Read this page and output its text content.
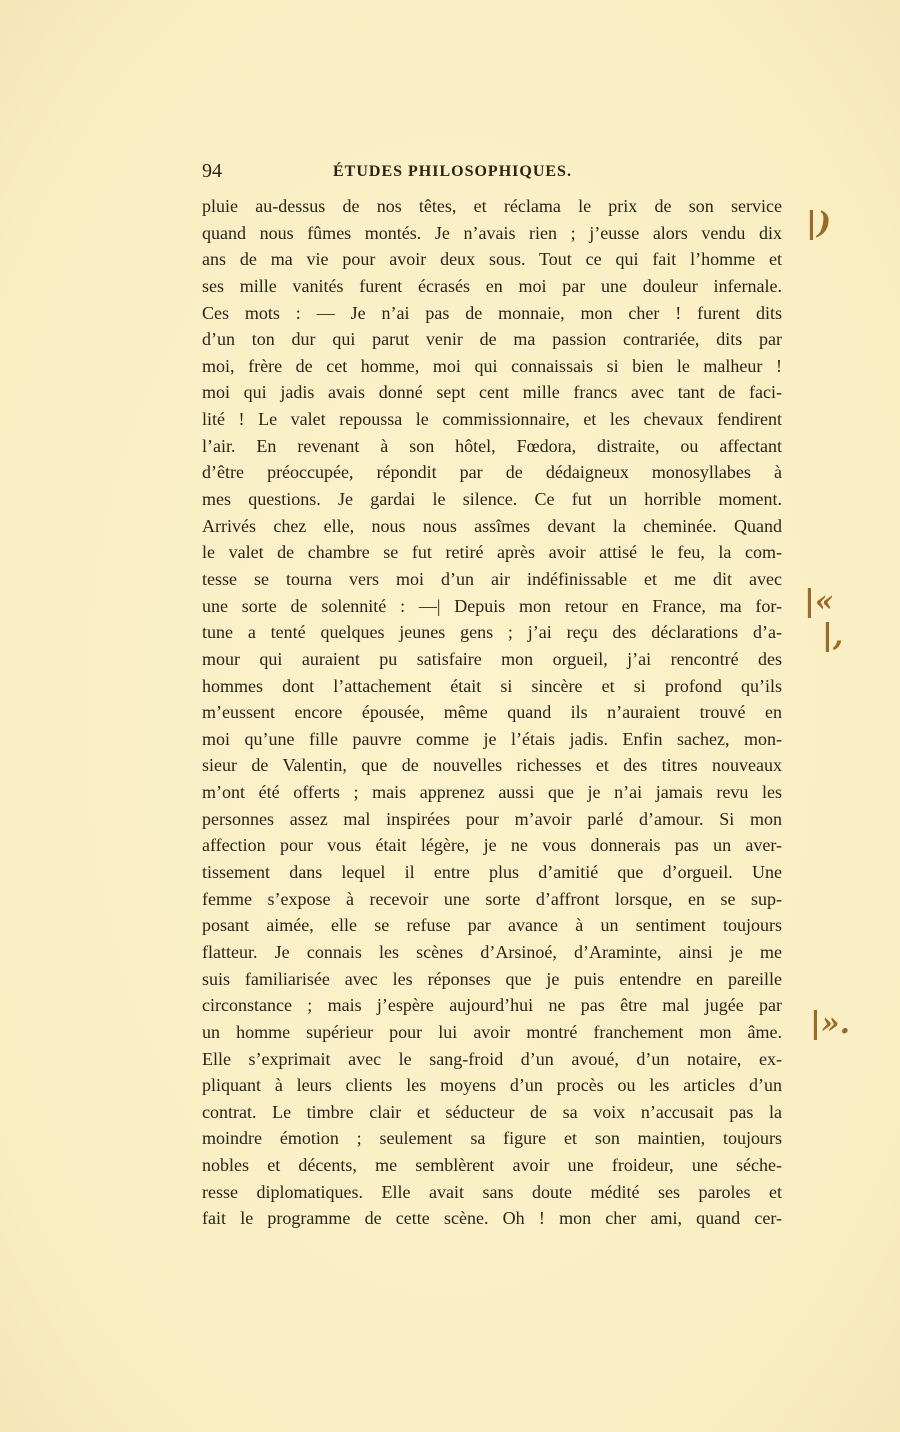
94	ÉTUDES PHILOSOPHIQUES.
pluie au-dessus de nos têtes, et réclama le prix de son service
quand nous fûmes montés. Je n’avais rien ; j’eusse alors vendu dix
ans de ma vie pour avoir deux sous. Tout ce qui fait l’homme et
ses mille vanités furent écrasés en moi par une douleur infernale.
Ces mots : — Je n’ai pas de monnaie, mon cher ! furent dits
d’un ton dur qui parut venir de ma passion contrariée, dits par
moi, frère de cet homme, moi qui connaissais si bien le malheur !
moi qui jadis avais donné sept cent mille francs avec tant de faci-
lité ! Le valet repoussa le commissionnaire, et les chevaux fendirent
l’air. En revenant à son hôtel, Fœdora, distraite, ou affectant
d’être préoccupée, répondit par de dédaigneux monosyllabes à
mes questions. Je gardai le silence. Ce fut un horrible moment.
Arrivés chez elle, nous nous assîmes devant la cheminée. Quand
le valet de chambre se fut retiré après avoir attisé le feu, la com-
tesse se tourna vers moi d’un air indéfinissable et me dit avec
une sorte de solennité : —| Depuis mon retour en France, ma for-
tune a tenté quelques jeunes gens ; j’ai reçu des déclarations d’a-
mour qui auraient pu satisfaire mon orgueil, j’ai rencontré des
hommes dont l’attachement était si sincère et si profond qu’ils
m’eussent encore épousée, même quand ils n’auraient trouvé en
moi qu’une fille pauvre comme je l’étais jadis. Enfin sachez, mon-
sieur de Valentin, que de nouvelles richesses et des titres nouveaux
m’ont été offerts ; mais apprenez aussi que je n’ai jamais revu les
personnes assez mal inspirées pour m’avoir parlé d’amour. Si mon
affection pour vous était légère, je ne vous donnerais pas un aver-
tissement dans lequel il entre plus d’amitié que d’orgueil. Une
femme s’expose à recevoir une sorte d’affront lorsque, en se sup-
posant aimée, elle se refuse par avance à un sentiment toujours
flatteur. Je connais les scènes d’Arsinoé, d’Araminte, ainsi je me
suis familiarisée avec les réponses que je puis entendre en pareille
circonstance ; mais j’espère aujourd’hui ne pas être mal jugée par
un homme supérieur pour lui avoir montré franchement mon âme.
Elle s’exprimait avec le sang-froid d’un avoué, d’un notaire, ex-
pliquant à leurs clients les moyens d’un procès ou les articles d’un
contrat. Le timbre clair et séducteur de sa voix n’accusait pas la
moindre émotion ; seulement sa figure et son maintien, toujours
nobles et décents, me semblèrent avoir une froideur, une séche-
resse diplomatiques. Elle avait sans doute médité ses paroles et
fait le programme de cette scène. Oh ! mon cher ami, quand cer-
|)
|«
|,
|».
